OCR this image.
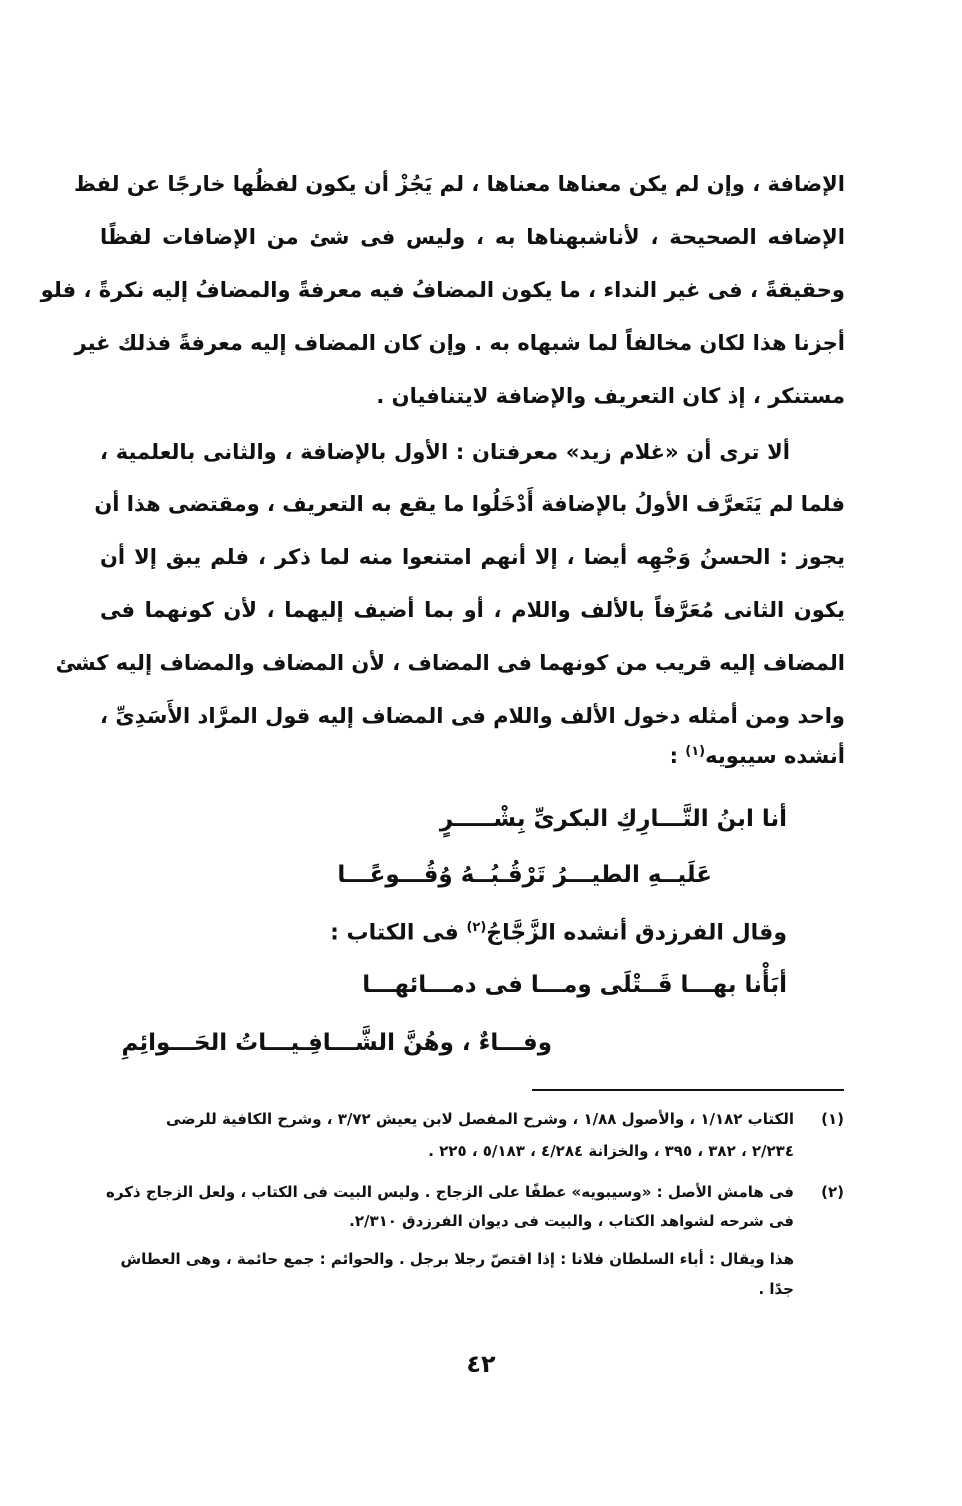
الإضافة ، وإن لم يكن معناها معناها ، لم يَجُزْ أن يكون لفظُها خارجًا عن لفظ
الإضافه الصحيحة ، لأناشبهناها به ، وليس فى شئ من الإضافات لفظًا
وحقيقةً ، فى غير النداء ، ما يكون المضافُ فيه معرفةً والمضافُ إليه نكرةً ، فلو
أجزنا هذا لكان مخالفاً لما شبهاه به . وإن كان المضاف إليه معرفةً فذلك غير
مستنكر ، إذ كان التعريف والإضافة لايتنافيان .
ألا ترى أن «غلام زيد» معرفتان : الأول بالإضافة ، والثانى بالعلمية ،
فلما لم يَتَعرَّف الأولُ بالإضافة أَدْخَلُوا ما يقع به التعريف ، ومقتضى هذا أن
يجوز : الحسنُ وَجْهِه أيضا ، إلا أنهم امتنعوا منه لما ذكر ، فلم يبق إلا أن
يكون الثانى مُعَرَّفاً بالألف واللام ، أو بما أضيف إليهما ، لأن كونهما فى
المضاف إليه قريب من كونهما فى المضاف ، لأن المضاف والمضاف إليه كشئ
واحد ومن أمثله دخول الألف واللام فى المضاف إليه قول المرَّاد الأَسَدِىِّ ،
أنشده سيبويه$^{(١)}$ :
أنا ابنُ التَّـــارِكِ البكرىِّ بِشْـــــرٍ
عَلَيــهِ الطيـــرُ تَرْقُـبُــهُ وُقُـــوعًـــا
وقال الفرزدق أنشده الزَّجَّاجُ$^{(٢)}$ فى الكتاب :
أبَأْنا بهـــا قَــتْلَى ومـــا فى دمـــائهـــا
وفـــاءٌ ، وهُنَّ الشَّـــافِـيـــاتُ الحَـــوائِمِ
(١)
الكتاب ١/١٨٢ ، والأصول ١/٨٨ ، وشرح المفصل لابن يعيش ٣/٧٢ ، وشرح الكافية للرضى
٢/٢٣٤ ، ٣٨٢ ، ٣٩٥ ، والخزانة ٤/٢٨٤ ، ٥/١٨٣ ، ٢٢٥ .
(٢)
فى هامش الأصل : «وسيبويه» عطفًا على الزجاج . وليس البيت فى الكتاب ، ولعل الزجاج ذكره
فى شرحه لشواهد الكتاب ، والبيت فى ديوان الفرزدق ٢/٣١٠.
هذا ويقال : أباء السلطان فلانا : إذا اقتصّ رجلا برجل . والحوائم : جمع حائمة ، وهى العطاش
جدًا .
٤٢
